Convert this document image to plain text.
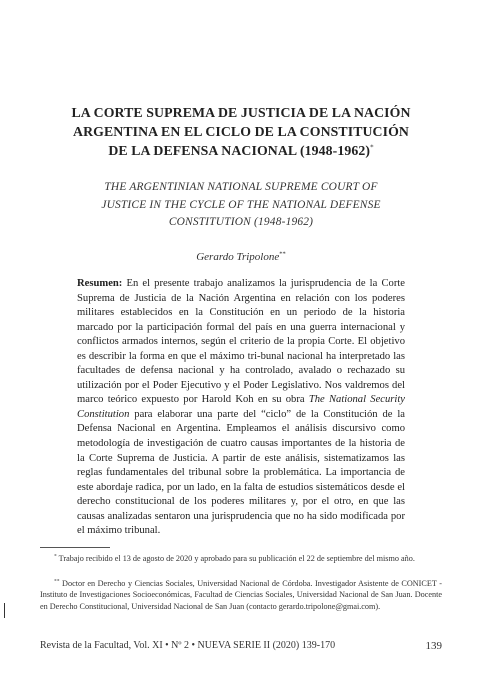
LA CORTE SUPREMA DE JUSTICIA DE LA NACIÓN
ARGENTINA EN EL CICLO DE LA CONSTITUCIÓN
DE LA DEFENSA NACIONAL (1948-1962)*
THE ARGENTINIAN NATIONAL SUPREME COURT OF
JUSTICE IN THE CYCLE OF THE NATIONAL DEFENSE
CONSTITUTION (1948-1962)
Gerardo Tripolone**
Resumen: En el presente trabajo analizamos la jurisprudencia de la Corte Suprema de Justicia de la Nación Argentina en relación con los poderes militares establecidos en la Constitución en un periodo de la historia marcado por la participación formal del país en una guerra internacional y conflictos armados internos, según el criterio de la propia Corte. El objetivo es describir la forma en que el máximo tri-bunal nacional ha interpretado las facultades de defensa nacional y ha controlado, avalado o rechazado su utilización por el Poder Ejecutivo y el Poder Legislativo. Nos valdremos del marco teórico expuesto por Harold Koh en su obra The National Security Constitution para elaborar una parte del “ciclo” de la Constitución de la Defensa Nacional en Argentina. Empleamos el análisis discursivo como metodología de investigación de cuatro causas importantes de la historia de la Corte Suprema de Justicia. A partir de este análisis, sistematizamos las reglas fundamentales del tribunal sobre la problemática. La importancia de este abordaje radica, por un lado, en la falta de estudios sistemáticos desde el derecho constitucional de los poderes militares y, por el otro, en que las causas analizadas sentaron una jurisprudencia que no ha sido modificada por el máximo tribunal.
* Trabajo recibido el 13 de agosto de 2020 y aprobado para su publicación el 22 de septiembre del mismo año.
** Doctor en Derecho y Ciencias Sociales, Universidad Nacional de Córdoba. Investigador Asistente de CONICET - Instituto de Investigaciones Socioeconómicas, Facultad de Ciencias Sociales, Universidad Nacional de San Juan. Docente en Derecho Constitucional, Universidad Nacional de San Juan (contacto gerardo.tripolone@gmai.com).
Revista de la Facultad, Vol. XI • Nº 2 • NUEVA SERIE II (2020) 139-170	139
